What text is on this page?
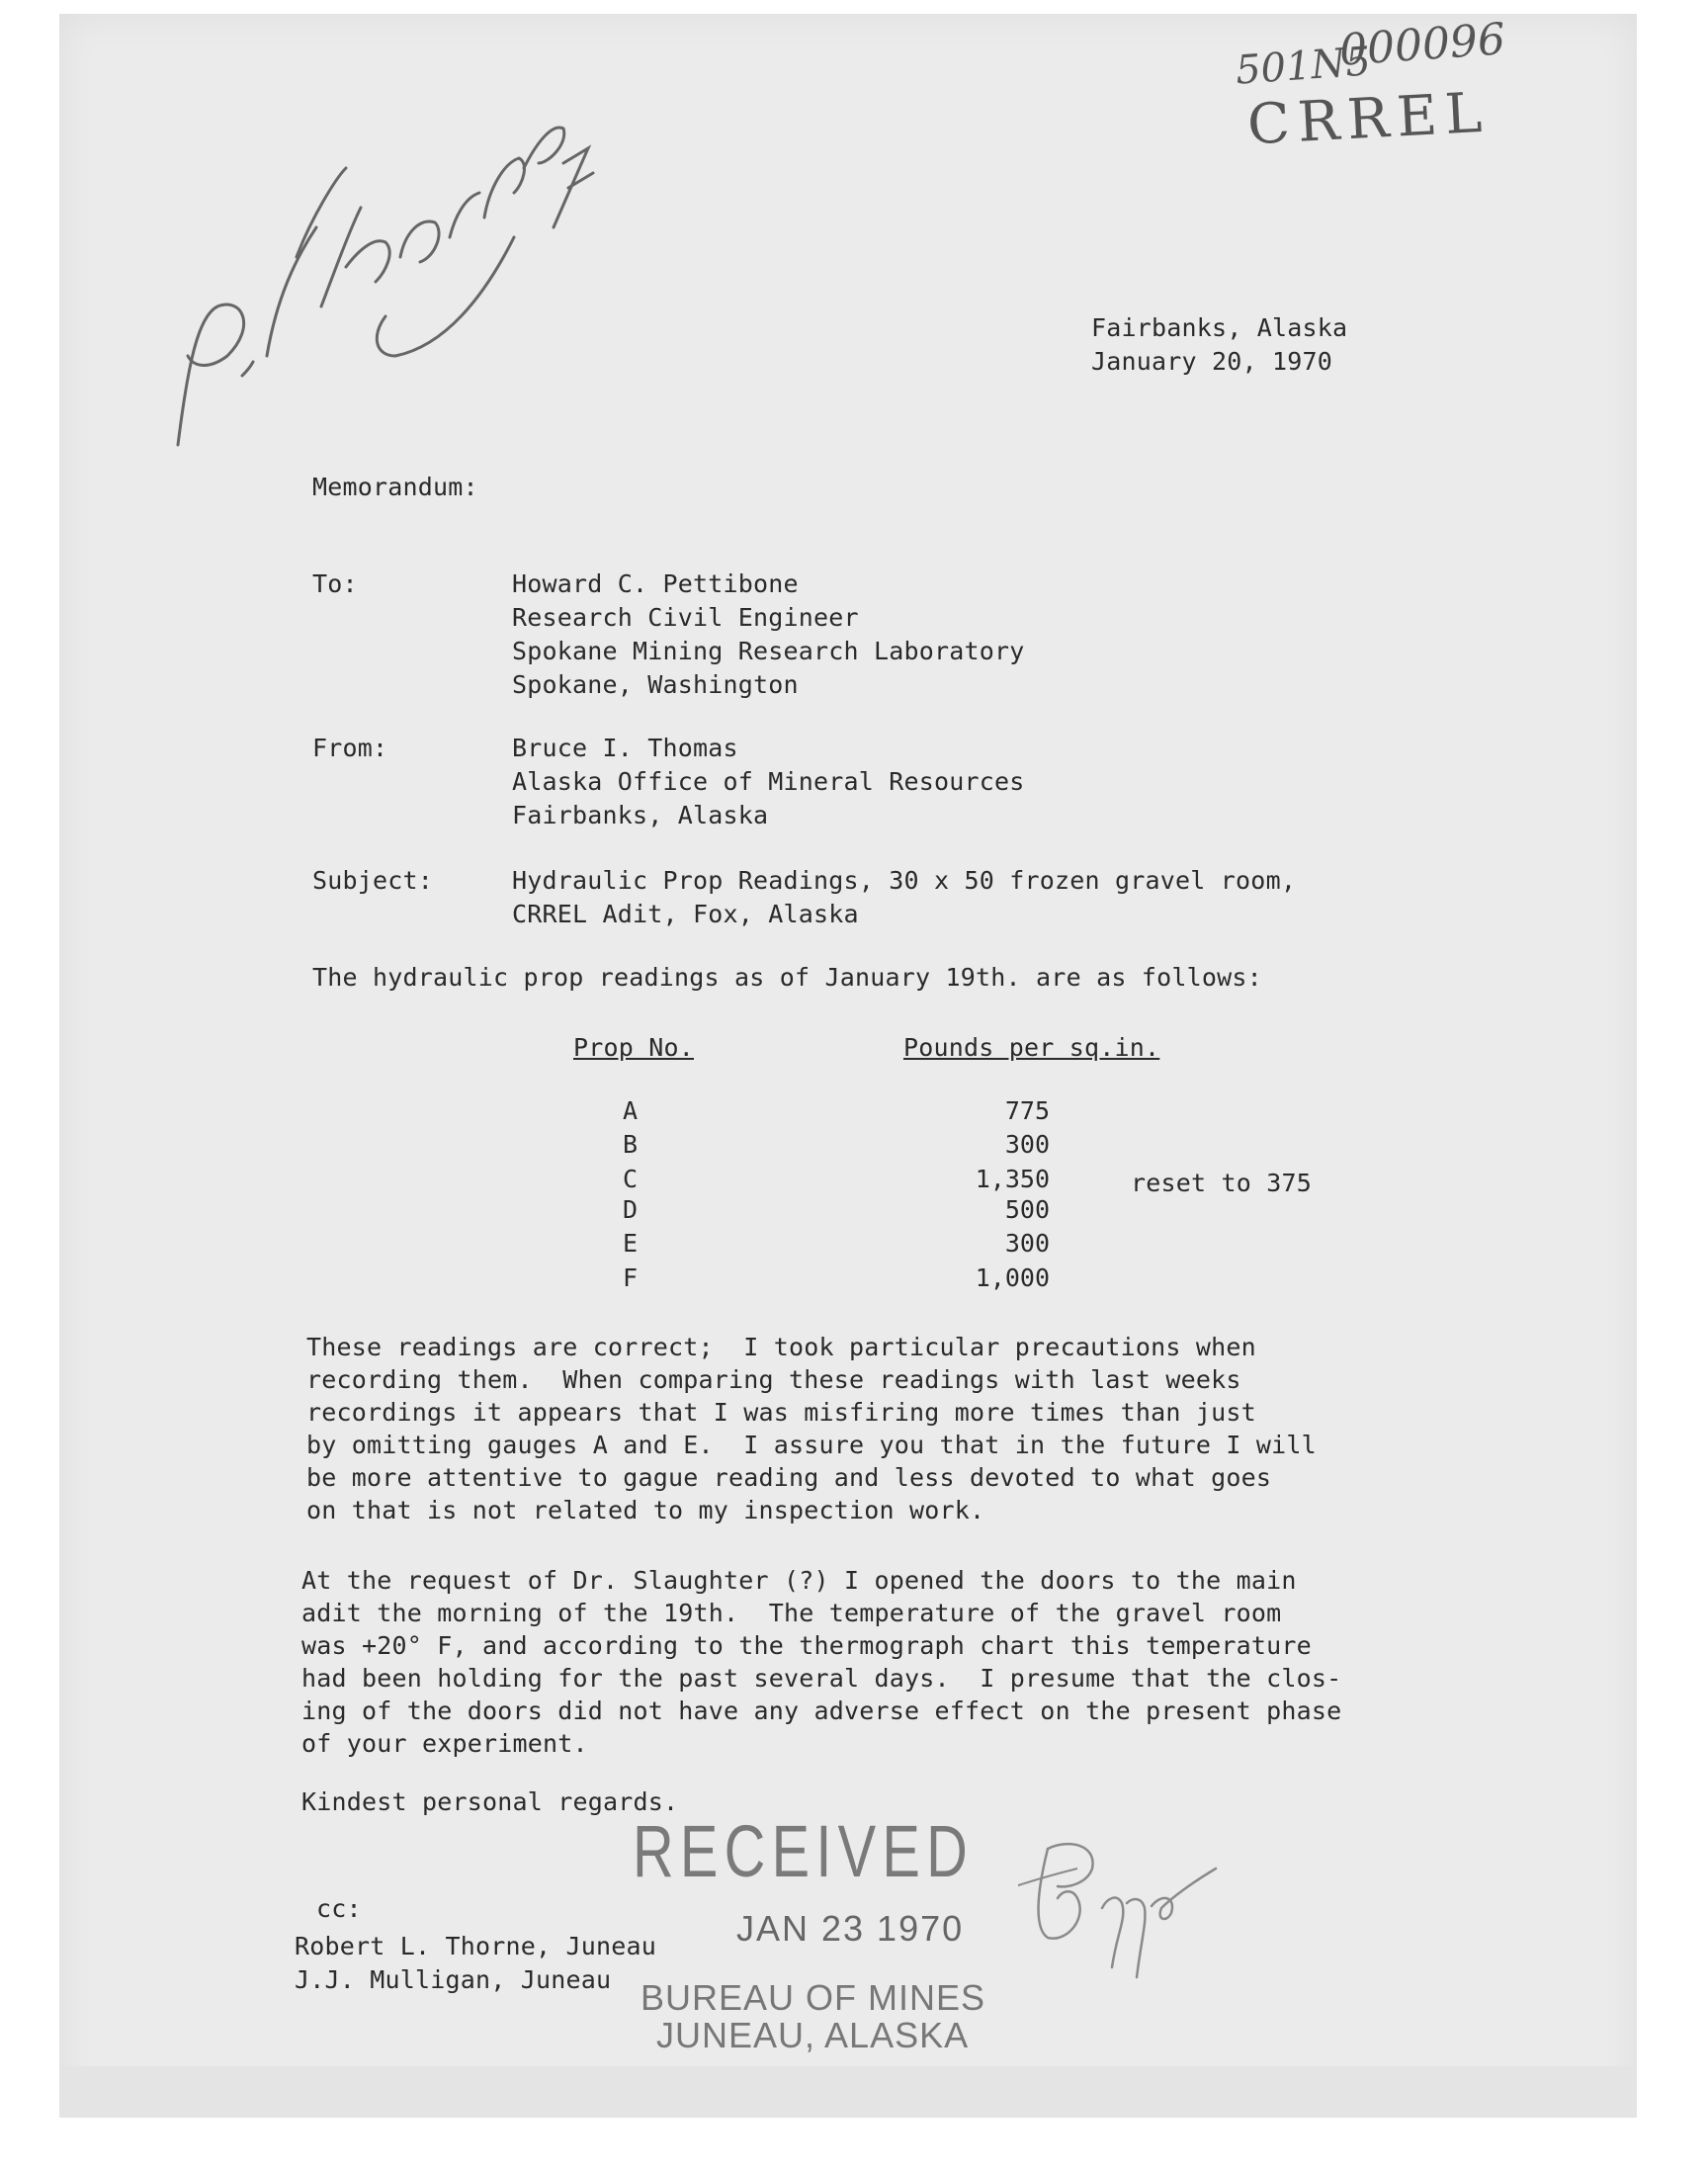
000096
501N5
CRREL
Fairbanks, Alaska
January 20, 1970
Memorandum:
To:	Howard C. Pettibone
Research Civil Engineer
Spokane Mining Research Laboratory
Spokane, Washington
From:	Bruce I. Thomas
Alaska Office of Mineral Resources
Fairbanks, Alaska
Subject:	Hydraulic Prop Readings, 30 x 50 frozen gravel room,
CRREL Adit, Fox, Alaska
The hydraulic prop readings as of January 19th. are as follows:
Prop No.	Pounds per sq.in.
A	775
B	300
C	1,350	reset to 375
D	500
E	300
F	1,000
These readings are correct;  I took particular precautions when
recording them.  When comparing these readings with last weeks
recordings it appears that I was misfiring more times than just
by omitting gauges A and E.  I assure you that in the future I will
be more attentive to gague reading and less devoted to what goes
on that is not related to my inspection work.
At the request of Dr. Slaughter (?) I opened the doors to the main
adit the morning of the 19th.  The temperature of the gravel room
was +20° F, and according to the thermograph chart this temperature
had been holding for the past several days.  I presume that the clos-
ing of the doors did not have any adverse effect on the present phase
of your experiment.
Kindest personal regards.
RECEIVED
JAN 23 1970
BUREAU OF MINES
JUNEAU, ALASKA
cc:
Robert L. Thorne, Juneau
J.J. Mulligan, Juneau
